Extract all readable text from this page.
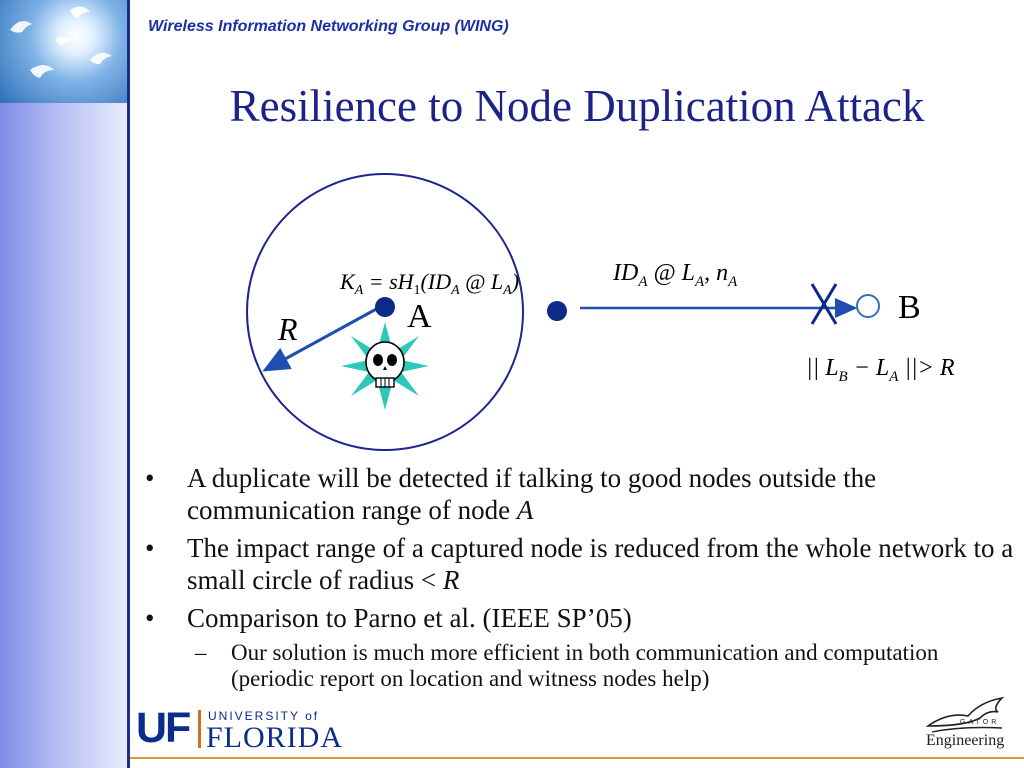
Wireless Information Networking Group (WING)
Resilience to Node Duplication Attack
R	A
$K_A = sH_1(ID_A$ @ $L_A$)	$ID_A$ @ $L_A$, $n_A$
B
|| $L_B - L_A$ ||> R
• A duplicate will be detected if talking to good nodes outside the communication range of node A
• The impact range of a captured node is reduced from the whole network to a small circle of radius < R
• Comparison to Parno et al. (IEEE SP’05)
– Our solution is much more efficient in both communication and computation (periodic report on location and witness nodes help)
UF UNIVERSITY of
FLORIDA	GATOR
Engineering
